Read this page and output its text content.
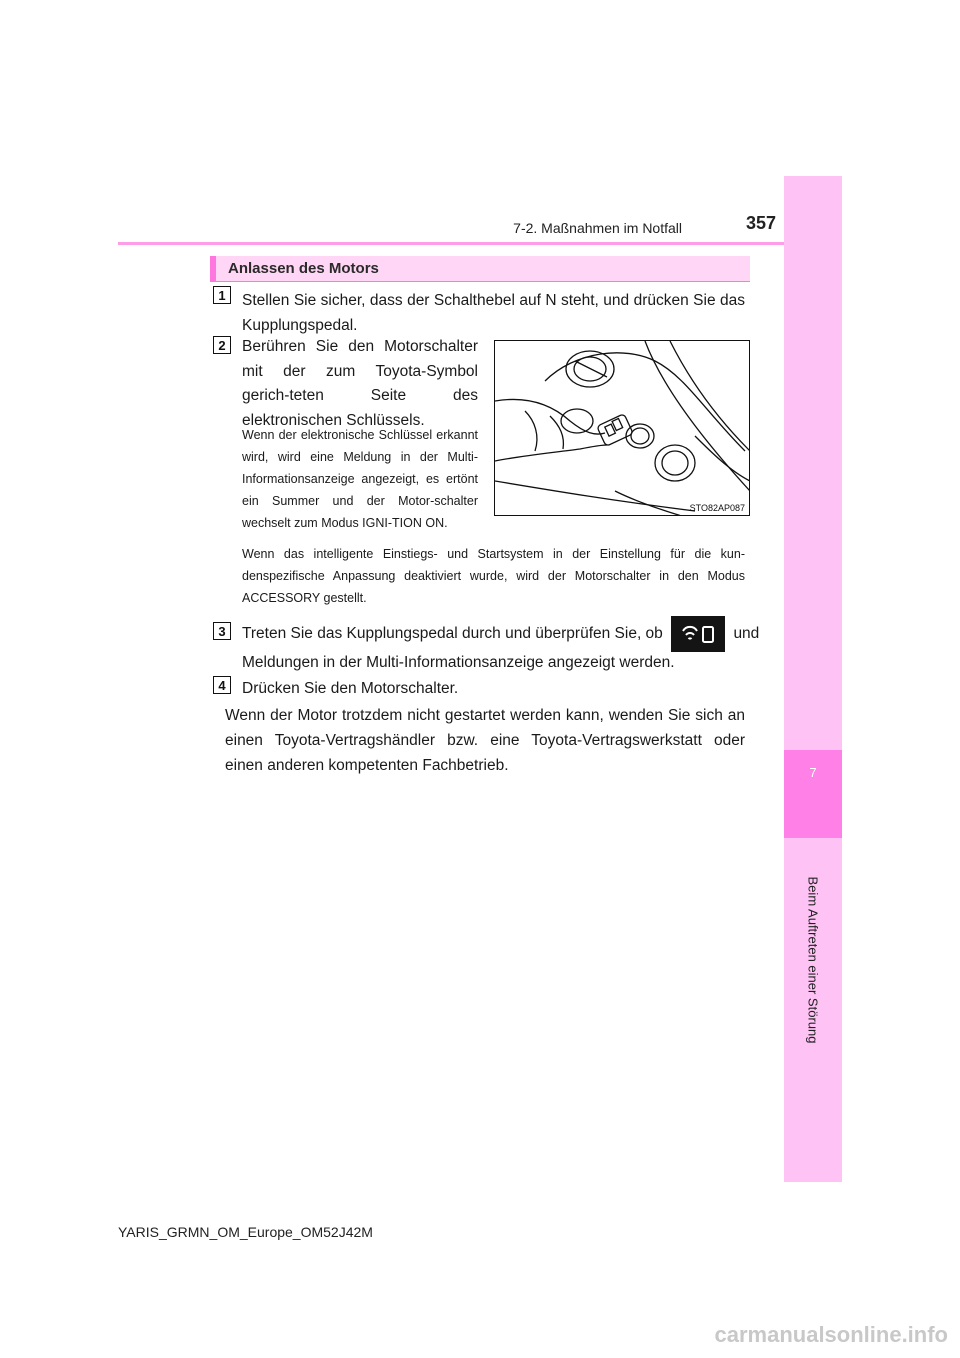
7
Beim Auftreten einer Störung
7-2. Maßnahmen im Notfall	357
Anlassen des Motors
1	Stellen Sie sicher, dass der Schalthebel auf N steht, und drücken Sie das Kupplungspedal.
2	Berühren Sie den Motorschalter mit der zum Toyota-Symbol gerich-teten Seite des elektronischen Schlüssels.
Wenn der elektronische Schlüssel erkannt wird, wird eine Meldung in der Multi-Informationsanzeige angezeigt, es ertönt ein Summer und der Motor-schalter wechselt zum Modus IGNI-TION ON.
STO82AP087
Wenn das intelligente Einstiegs- und Startsystem in der Einstellung für die kun-denspezifische Anpassung deaktiviert wurde, wird der Motorschalter in den Modus ACCESSORY gestellt.
3	Treten Sie das Kupplungspedal durch und überprüfen Sie, ob	und
Meldungen in der Multi-Informationsanzeige angezeigt werden.
4	Drücken Sie den Motorschalter.
Wenn der Motor trotzdem nicht gestartet werden kann, wenden Sie sich an einen Toyota-Vertragshändler bzw. eine Toyota-Vertragswerkstatt oder einen anderen kompetenten Fachbetrieb.
YARIS_GRMN_OM_Europe_OM52J42M
carmanualsonline.info
